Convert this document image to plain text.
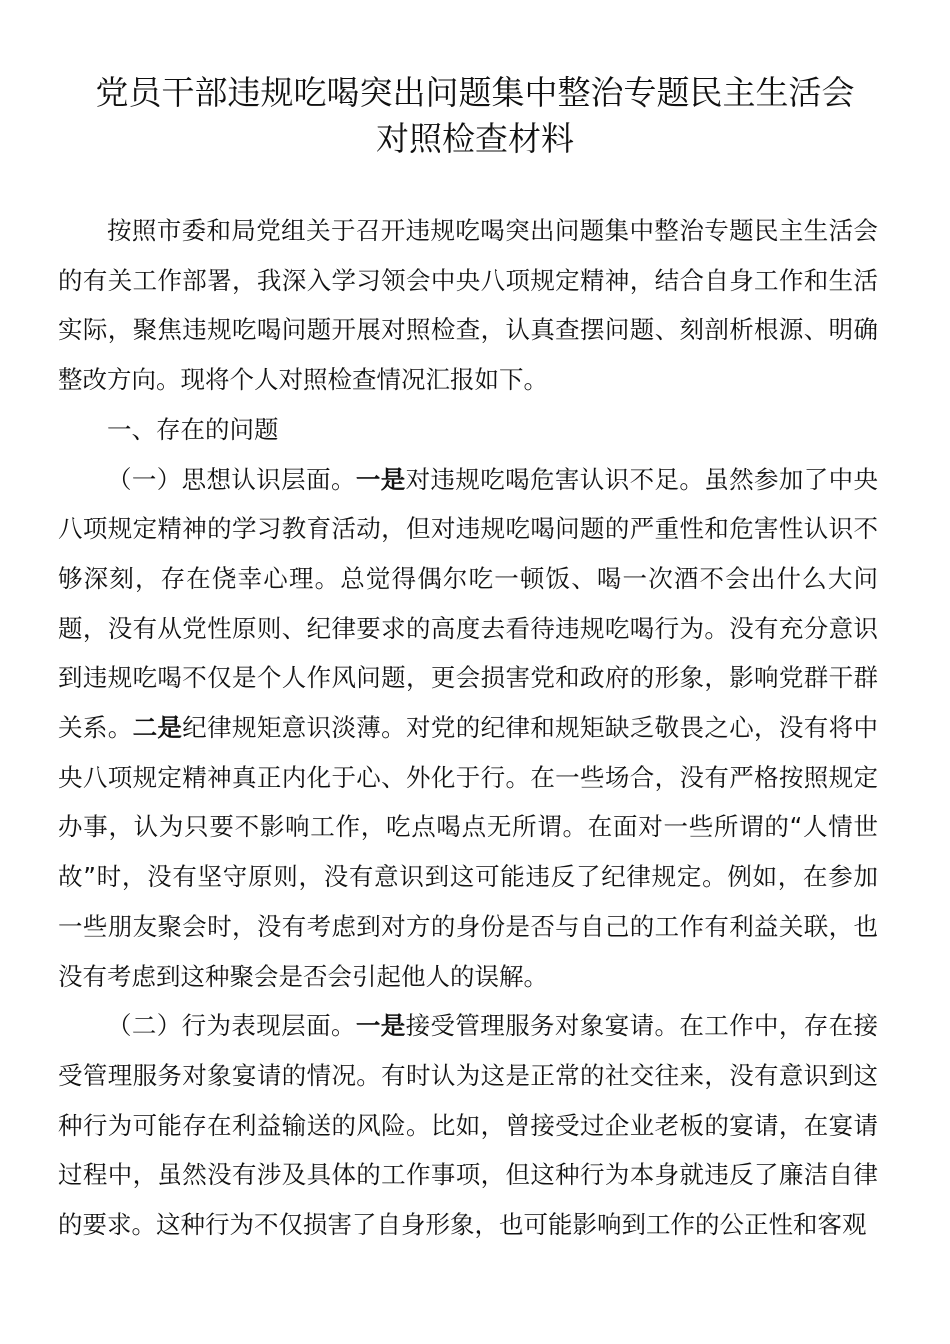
党员干部违规吃喝突出问题集中整治专题民主生活会
对照检查材料

按照市委和局党组关于召开违规吃喝突出问题集中整治专题民主生活会的有关工作部署，我深入学习领会中央八项规定精神，结合自身工作和生活实际，聚焦违规吃喝问题开展对照检查，认真查摆问题、刻剖析根源、明确整改方向。现将个人对照检查情况汇报如下。

一、存在的问题

（一）思想认识层面。一是对违规吃喝危害认识不足。虽然参加了中央八项规定精神的学习教育活动，但对违规吃喝问题的严重性和危害性认识不够深刻，存在侥幸心理。总觉得偶尔吃一顿饭、喝一次酒不会出什么大问题，没有从党性原则、纪律要求的高度去看待违规吃喝行为。没有充分意识到违规吃喝不仅是个人作风问题，更会损害党和政府的形象，影响党群干群关系。二是纪律规矩意识淡薄。对党的纪律和规矩缺乏敬畏之心，没有将中央八项规定精神真正内化于心、外化于行。在一些场合，没有严格按照规定办事，认为只要不影响工作，吃点喝点无所谓。在面对一些所谓的“人情世故”时，没有坚守原则，没有意识到这可能违反了纪律规定。例如，在参加一些朋友聚会时，没有考虑到对方的身份是否与自己的工作有利益关联，也没有考虑到这种聚会是否会引起他人的误解。

（二）行为表现层面。一是接受管理服务对象宴请。在工作中，存在接受管理服务对象宴请的情况。有时认为这是正常的社交往来，没有意识到这种行为可能存在利益输送的风险。比如，曾接受过企业老板的宴请，在宴请过程中，虽然没有涉及具体的工作事项，但这种行为本身就违反了廉洁自律的要求。这种行为不仅损害了自身形象，也可能影响到工作的公正性和客观
